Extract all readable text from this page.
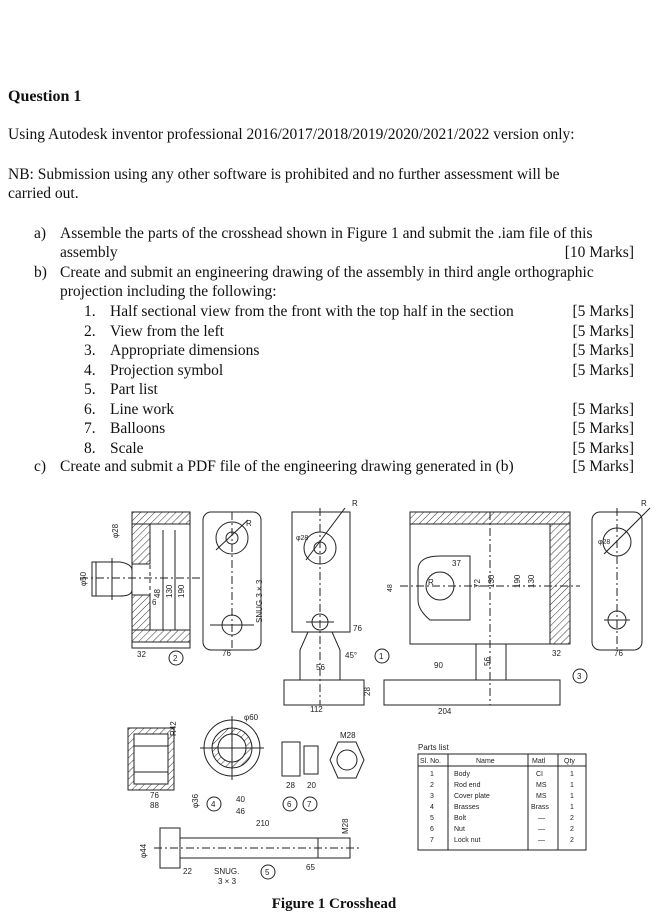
Question 1
Using Autodesk inventor professional 2016/2017/2018/2019/2020/2021/2022 version only:
NB: Submission using any other software is prohibited and no further assessment will be
carried out.
a) Assemble the parts of the crosshead shown in Figure 1 and submit the .iam file of this
assembly	[10 Marks]
b) Create and submit an engineering drawing of the assembly in third angle orthographic
projection including the following:
1. Half sectional view from the front with the top half in the section	[5 Marks]
2. View from the left	[5 Marks]
3. Appropriate dimensions	[5 Marks]
4. Projection symbol	[5 Marks]
5. Part list
6. Line work	[5 Marks]
7. Balloons	[5 Marks]
8. Scale	[5 Marks]
c) Create and submit a PDF file of the engineering drawing generated in (b)	[5 Marks]
φ28
φ50
48 130 190
6
32	2
R
SNUG 3 × 3
76
φ28
R
76
45°
56
112
28
1
48
37
R	72 130 190 130
90	56
204
32
φ28
R
76
3
R42
φ60
76
88	φ36 4
40
46
M28
28 20
6 7
210	M28
φ44
22	SNUG.
3 × 3
5
65
Parts list
Sl. No.	Name	Matl	Qty
1	Body	CI	1
2	Rod end	MS	1
3	Cover plate	MS	1
4	Brasses	Brass	1
5	Bolt	—	2
6	Nut	—	2
7	Lock nut	—	2
Figure 1 Crosshead
